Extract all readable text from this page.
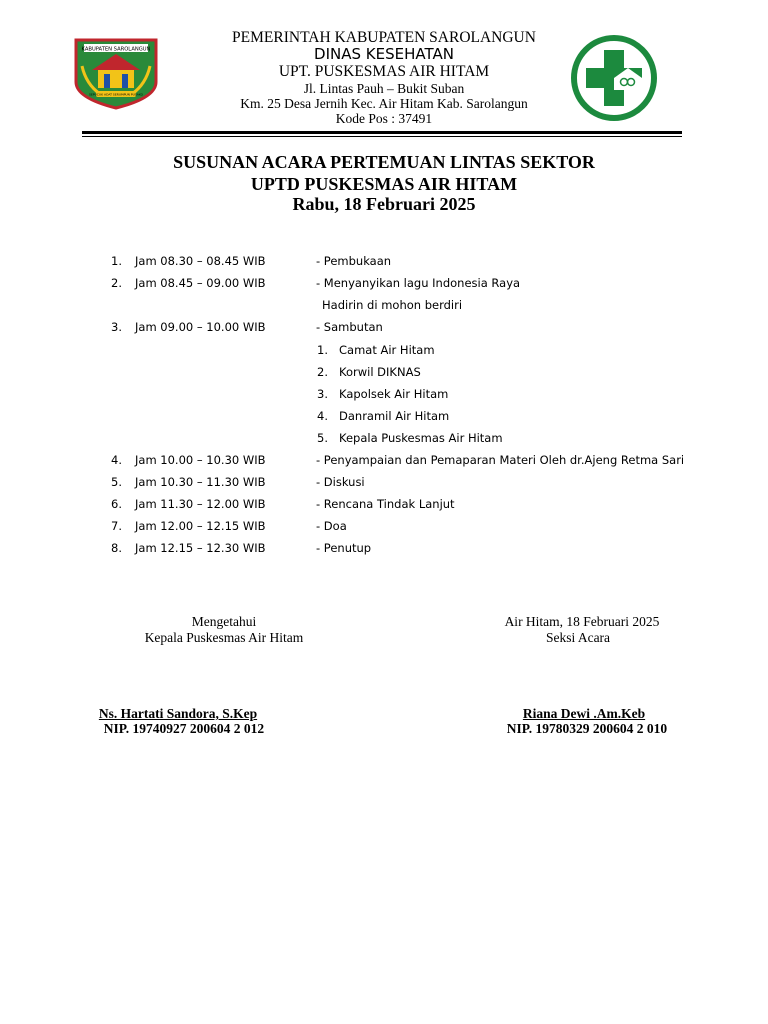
KABUPATEN SAROLANGUN
SEPUCUK ADAT SERUMPUN PUSAKO
PEMERINTAH KABUPATEN SAROLANGUN
DINAS KESEHATAN
UPT. PUSKESMAS AIR HITAM
Jl. Lintas Pauh – Bukit Suban
Km. 25 Desa Jernih Kec. Air Hitam Kab. Sarolangun
Kode Pos : 37491
SUSUNAN ACARA PERTEMUAN LINTAS SEKTOR
UPTD PUSKESMAS AIR HITAM
Rabu, 18 Februari 2025
1. Jam 08.30 – 08.45 WIB	- Pembukaan
2. Jam 08.45 – 09.00 WIB	- Menyanyikan lagu Indonesia Raya
Hadirin di mohon berdiri
3. Jam 09.00 – 10.00 WIB	- Sambutan
1. Camat Air Hitam
2. Korwil DIKNAS
3. Kapolsek Air Hitam
4. Danramil Air Hitam
5. Kepala Puskesmas Air Hitam
4. Jam 10.00 – 10.30 WIB	- Penyampaian dan Pemaparan Materi Oleh dr.Ajeng Retma Sari
5. Jam 10.30 – 11.30 WIB	- Diskusi
6. Jam 11.30 – 12.00 WIB	- Rencana Tindak Lanjut
7. Jam 12.00 – 12.15 WIB	- Doa
8. Jam 12.15 – 12.30 WIB	- Penutup
Mengetahui
Kepala Puskesmas Air Hitam
Ns. Hartati Sandora, S.Kep
NIP. 19740927 200604 2 012
Air Hitam, 18 Februari 2025
Seksi Acara
Riana Dewi .Am.Keb
NIP. 19780329 200604 2 010
